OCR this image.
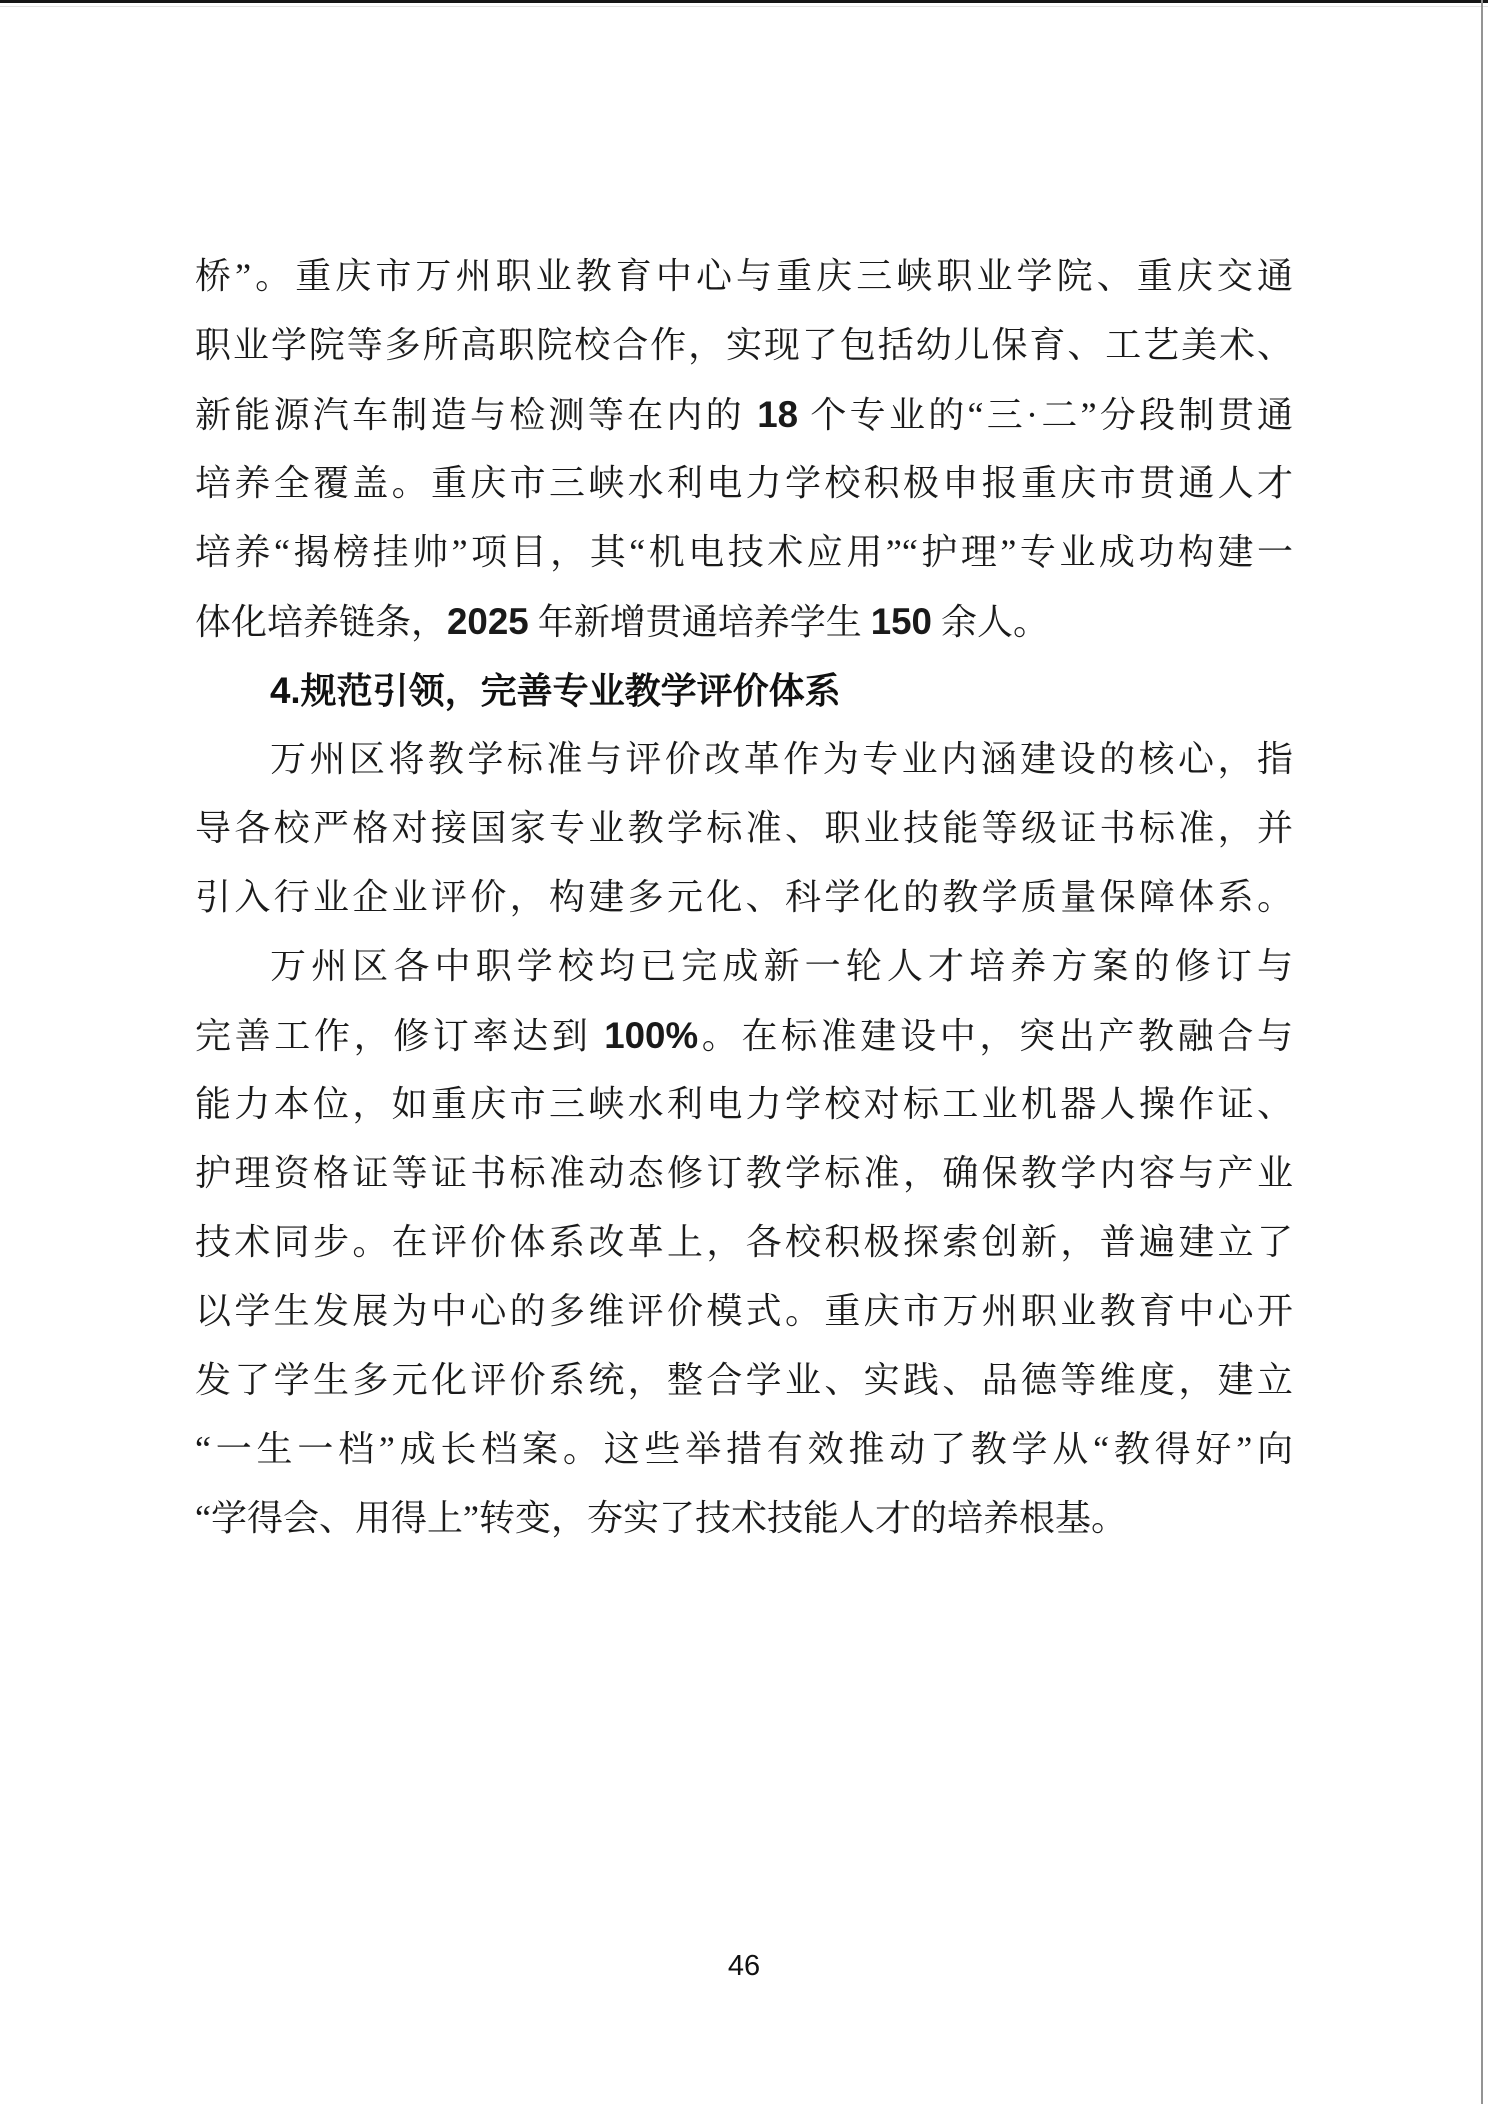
桥”。重庆市万州职业教育中心与重庆三峡职业学院、重庆交通
职业学院等多所高职院校合作，实现了包括幼儿保育、工艺美术、
新能源汽车制造与检测等在内的 18 个专业的“三·二”分段制贯通
培养全覆盖。重庆市三峡水利电力学校积极申报重庆市贯通人才
培养“揭榜挂帅”项目，其“机电技术应用”“护理”专业成功构建一
体化培养链条，2025 年新增贯通培养学生 150 余人。
4.规范引领，完善专业教学评价体系
万州区将教学标准与评价改革作为专业内涵建设的核心，指
导各校严格对接国家专业教学标准、职业技能等级证书标准，并
引入行业企业评价，构建多元化、科学化的教学质量保障体系。
万州区各中职学校均已完成新一轮人才培养方案的修订与
完善工作，修订率达到 100%。在标准建设中，突出产教融合与
能力本位，如重庆市三峡水利电力学校对标工业机器人操作证、
护理资格证等证书标准动态修订教学标准，确保教学内容与产业
技术同步。在评价体系改革上，各校积极探索创新，普遍建立了
以学生发展为中心的多维评价模式。重庆市万州职业教育中心开
发了学生多元化评价系统，整合学业、实践、品德等维度，建立
“一生一档”成长档案。这些举措有效推动了教学从“教得好”向
“学得会、用得上”转变，夯实了技术技能人才的培养根基。
46
